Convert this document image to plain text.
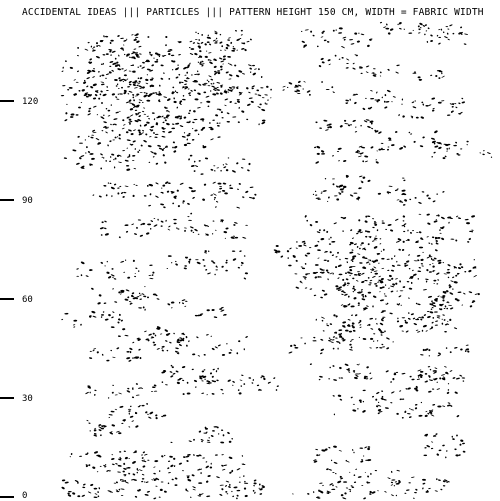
ACCIDENTAL IDEAS ||| PARTICLES ||| PATTERN HEIGHT 150 CM, WIDTH = FABRIC WIDTH
120
90
60
30
0
